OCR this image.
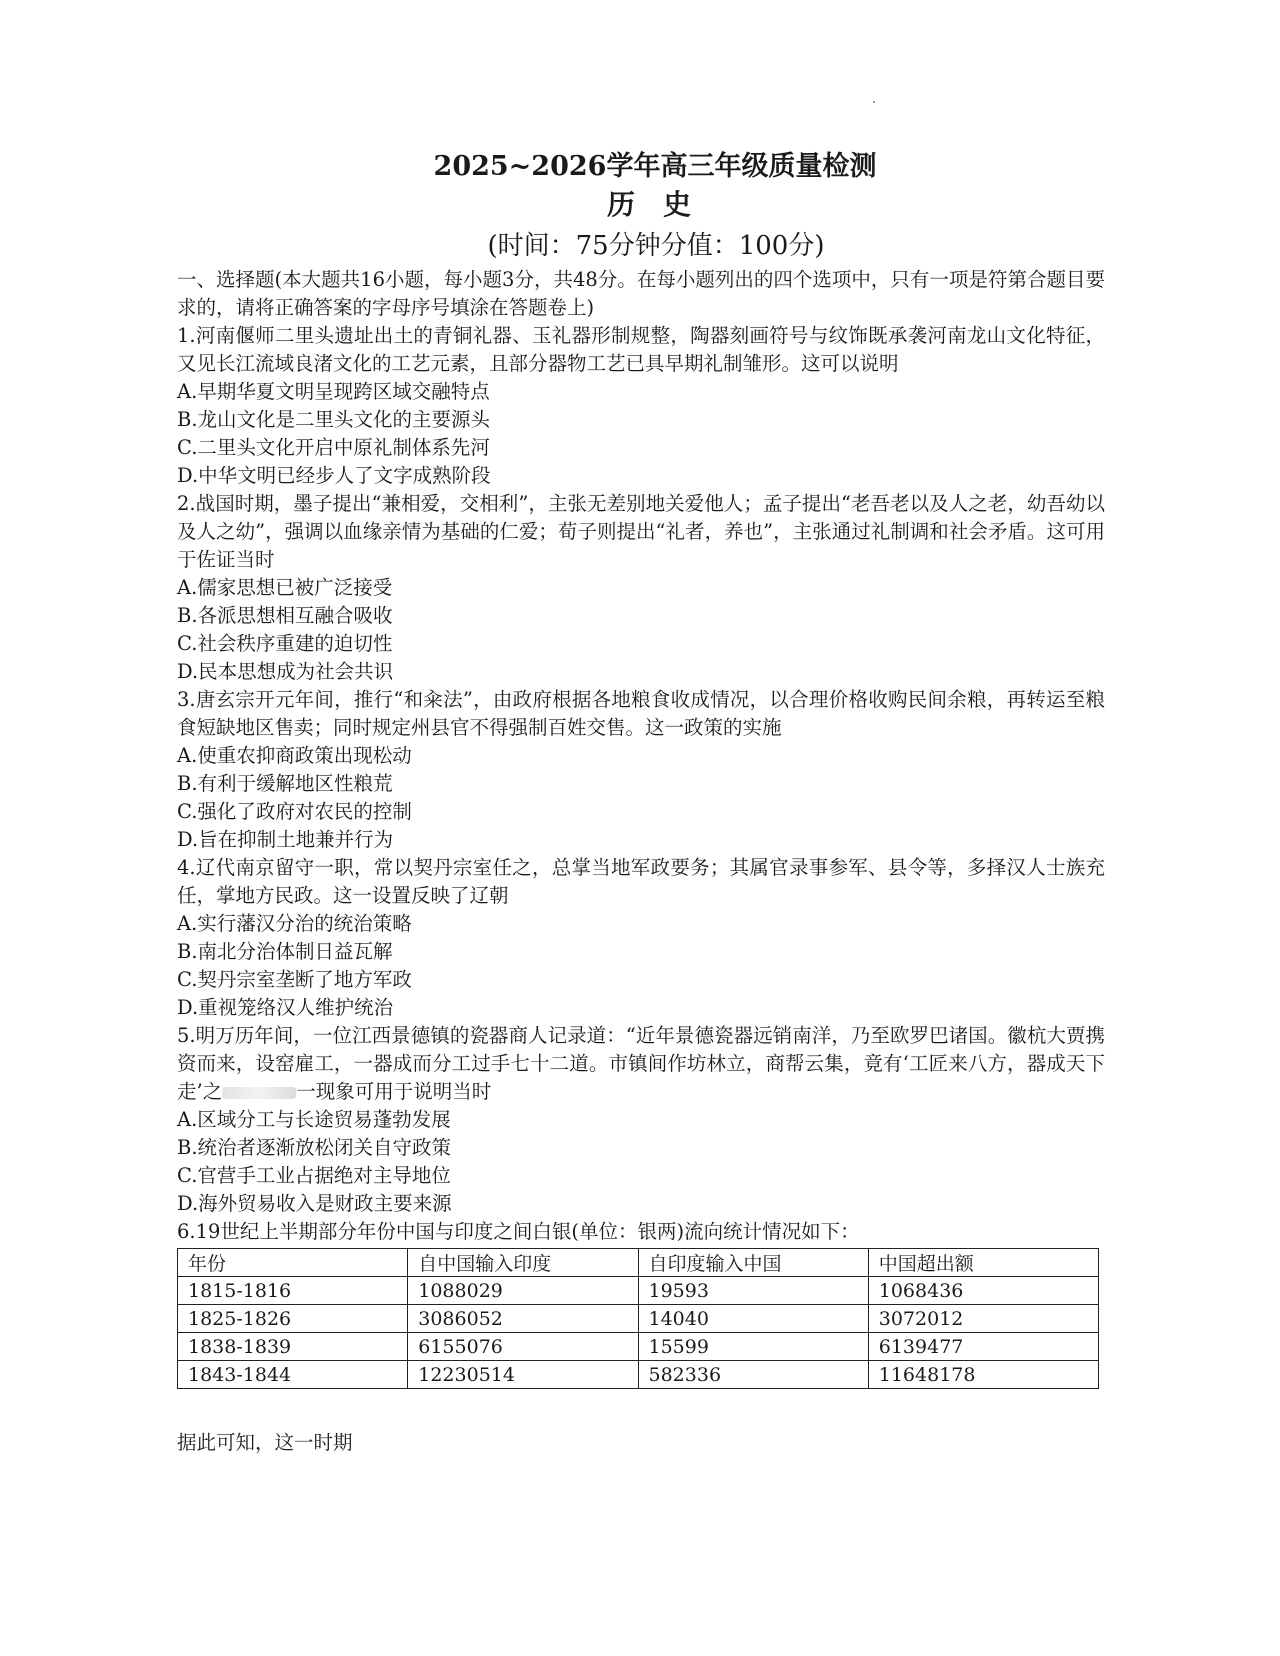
2025~2026学年高三年级质量检测
历史
(时间：75分钟分值：100分)

一、选择题(本大题共16小题，每小题3分，共48分。在每小题列出的四个选项中，只有一项是符第合题目要求的，请将正确答案的字母序号填涂在答题卷上)

1.河南偃师二里头遗址出土的青铜礼器、玉礼器形制规整，陶器刻画符号与纹饰既承袭河南龙山文化特征，又见长江流域良渚文化的工艺元素，且部分器物工艺已具早期礼制雏形。这可以说明

A.早期华夏文明呈现跨区域交融特点
B.龙山文化是二里头文化的主要源头
C.二里头文化开启中原礼制体系先河
D.中华文明已经步人了文字成熟阶段

2.战国时期，墨子提出“兼相爱，交相利”，主张无差别地关爱他人；孟子提出“老吾老以及人之老，幼吾幼以及人之幼”，强调以血缘亲情为基础的仁爱；荀子则提出“礼者，养也”，主张通过礼制调和社会矛盾。这可用于佐证当时

A.儒家思想已被广泛接受
B.各派思想相互融合吸收
C.社会秩序重建的迫切性
D.民本思想成为社会共识

3.唐玄宗开元年间，推行“和籴法”，由政府根据各地粮食收成情况，以合理价格收购民间余粮，再转运至粮食短缺地区售卖；同时规定州县官不得强制百姓交售。这一政策的实施

A.使重农抑商政策出现松动
B.有利于缓解地区性粮荒
C.强化了政府对农民的控制
D.旨在抑制土地兼并行为

4.辽代南京留守一职，常以契丹宗室任之，总掌当地军政要务；其属官录事参军、县令等，多择汉人士族充任，掌地方民政。这一设置反映了辽朝

A.实行藩汉分治的统治策略
B.南北分治体制日益瓦解
C.契丹宗室垄断了地方军政
D.重视笼络汉人维护统治

5.明万历年间，一位江西景德镇的瓷器商人记录道：“近年景德瓷器远销南洋，乃至欧罗巴诸国。徽杭大贾携资而来，设窑雇工，一器成而分工过手七十二道。市镇间作坊林立，商帮云集，竟有‘工匠来八方，器成天下走’之	一现象可用于说明当时

A.区域分工与长途贸易蓬勃发展
B.统治者逐渐放松闭关自守政策
C.官营手工业占据绝对主导地位
D.海外贸易收入是财政主要来源

6.19世纪上半期部分年份中国与印度之间白银(单位：银两)流向统计情况如下：

年份	自中国输入印度	自印度输入中国	中国超出额
1815-1816	1088029	19593	1068436
1825-1826	3086052	14040	3072012
1838-1839	6155076	15599	6139477
1843-1844	12230514	582336	11648178
据此可知，这一时期
